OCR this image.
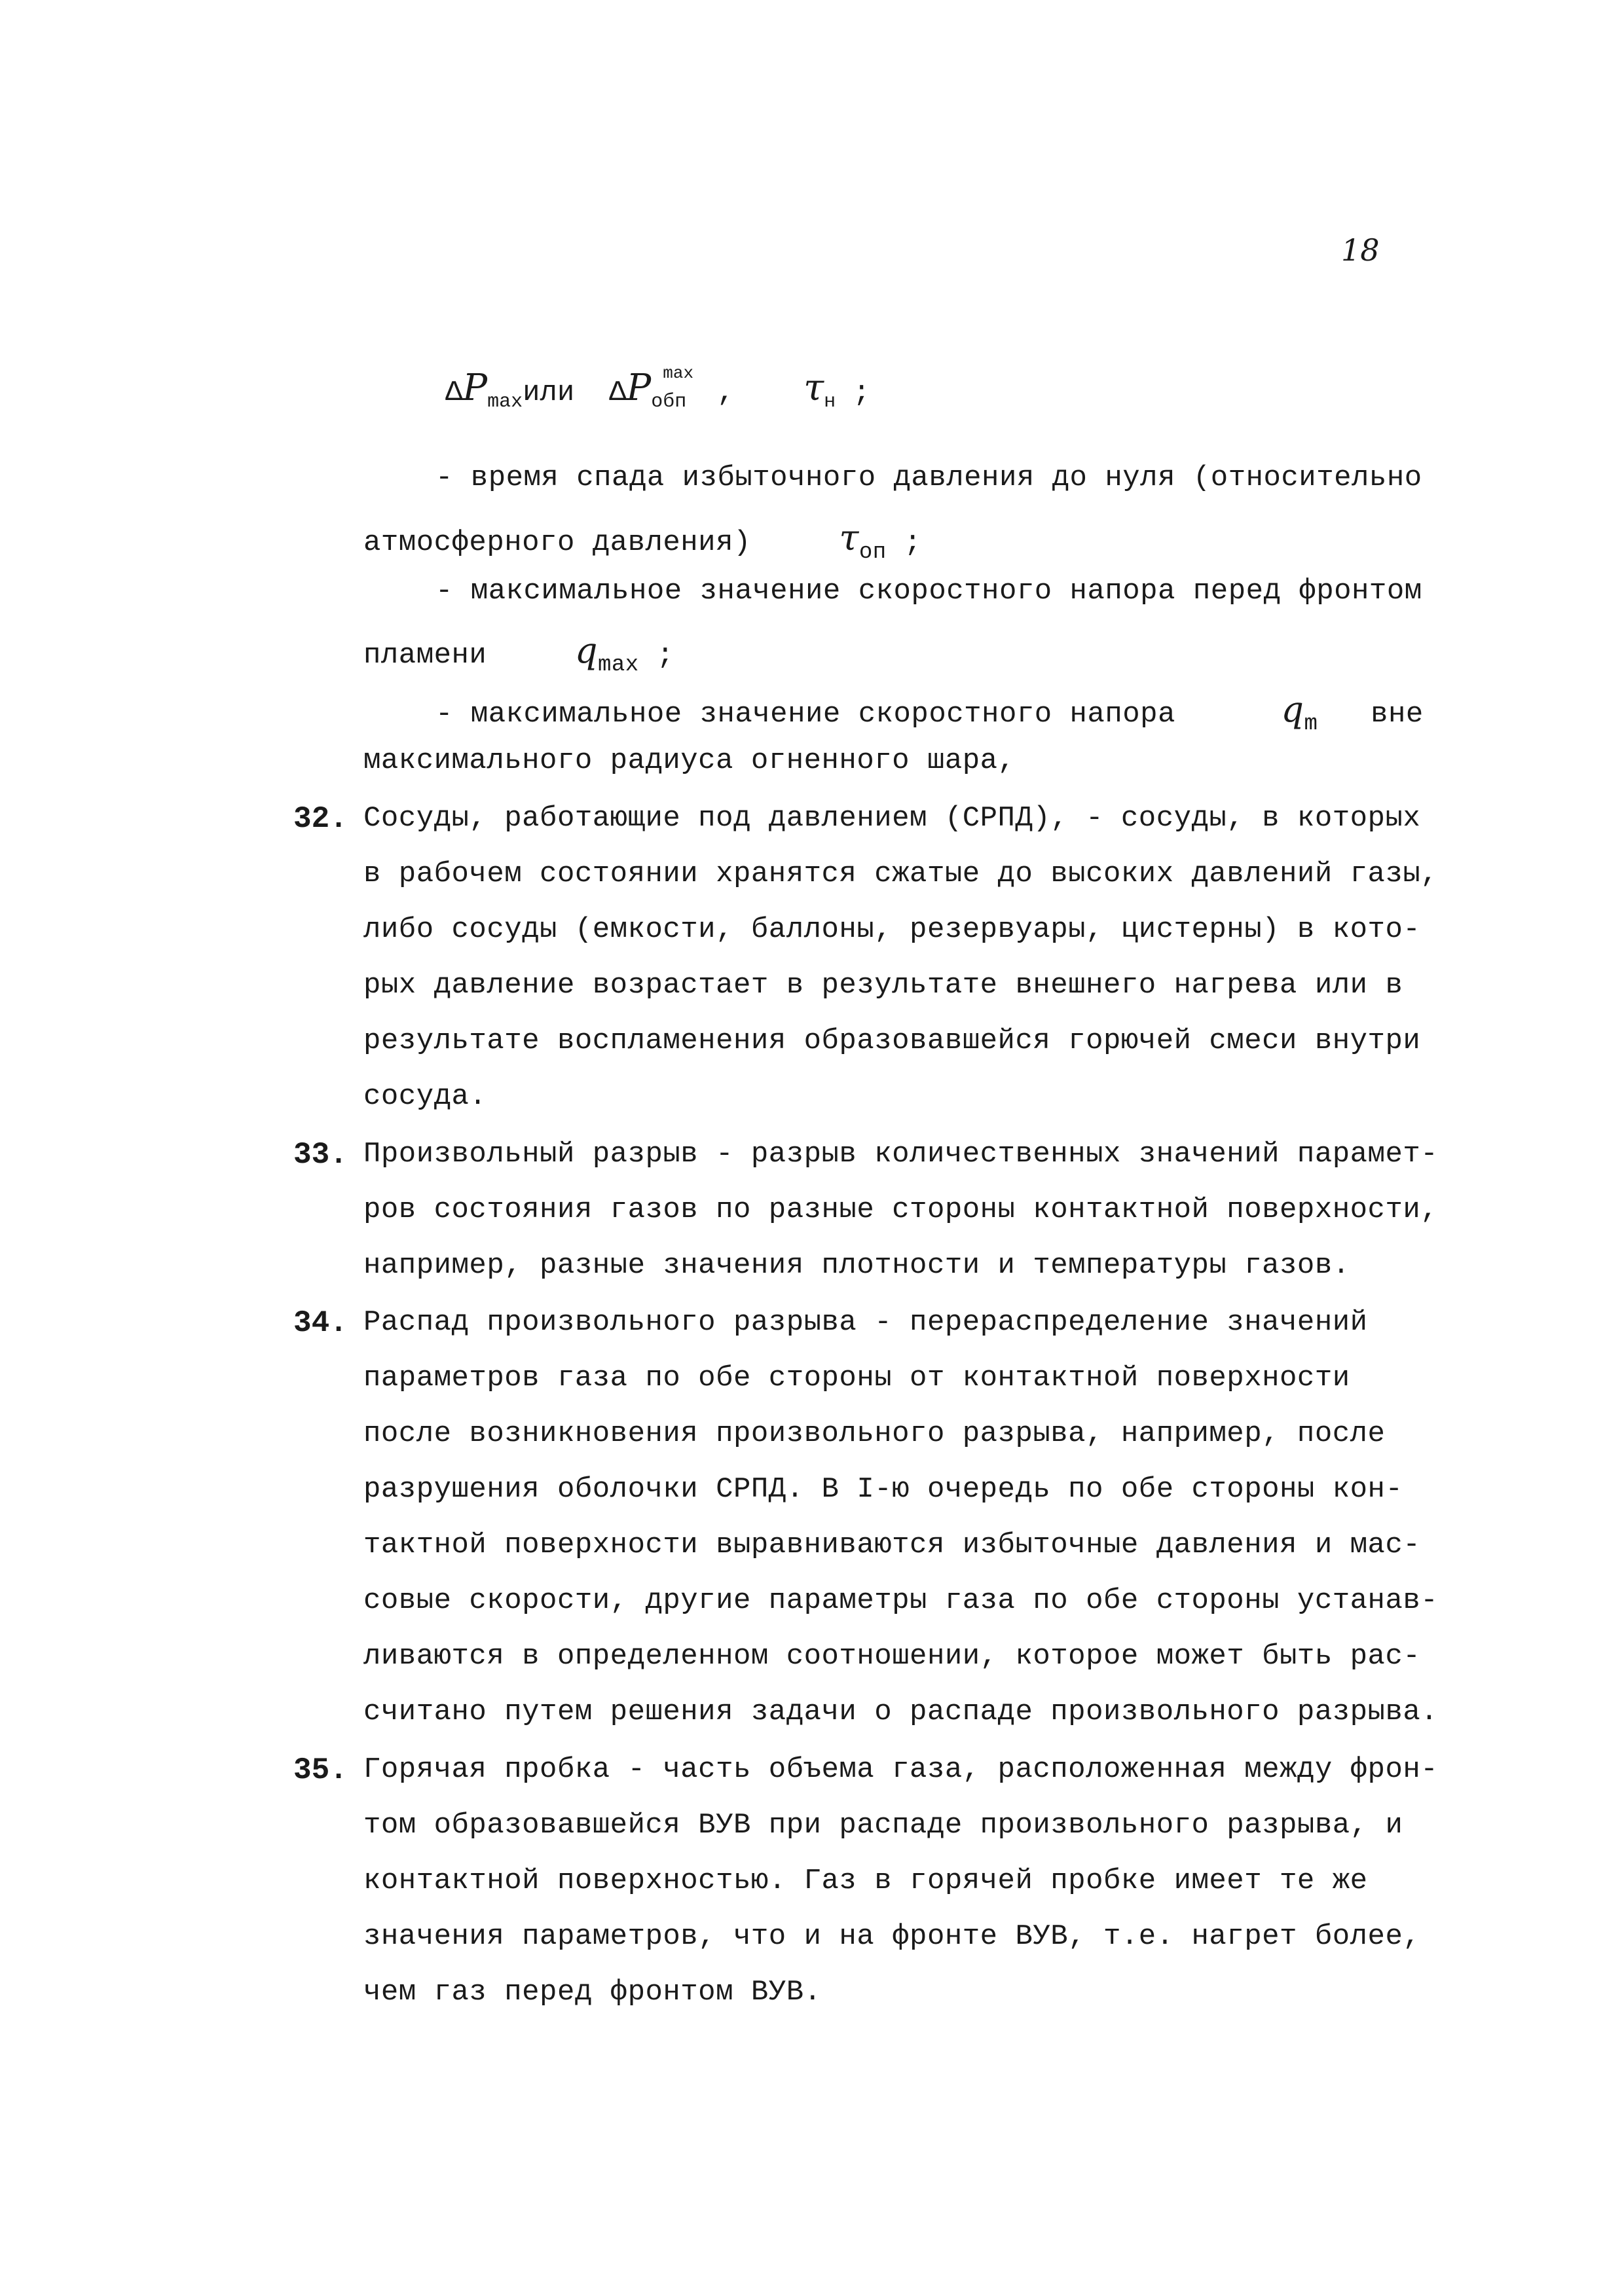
18
$\Delta P_{max}или$ $\Delta P_{обп}^{max}$, $\tau_н$ ;
- время спада избыточного давления до нуля (относительно
атмосферного давления) $\tau_{оп}$ ;
- максимальное значение скоростного напора перед фронтом
пламени $q_{max}$ ;
- максимальное значение скоростного напора	$q_m$ вне
максимального радиуса огненного шара,
32. Сосуды, работающие под давлением (СРПД), - сосуды, в которых
в рабочем состоянии хранятся сжатые до высоких давлений газы,
либо сосуды (емкости, баллоны, резервуары, цистерны) в кото-
рых давление возрастает в результате внешнего нагрева или в
результате воспламенения образовавшейся горючей смеси внутри
сосуда.
33. Произвольный разрыв - разрыв количественных значений парамет-
ров состояния газов по разные стороны контактной поверхности,
например, разные значения плотности и температуры газов.
34. Распад произвольного разрыва - перераспределение значений
параметров газа по обе стороны от контактной поверхности
после возникновения произвольного разрыва, например, после
разрушения оболочки СРПД. В I-ю очередь по обе стороны кон-
тактной поверхности выравниваются избыточные давления и мас-
совые скорости, другие параметры газа по обе стороны устанав-
ливаются в определенном соотношении, которое может быть рас-
считано путем решения задачи о распаде произвольного разрыва.
35. Горячая пробка - часть объема газа, расположенная между фрон-
том образовавшейся ВУВ при распаде произвольного разрыва, и
контактной поверхностью. Газ в горячей пробке имеет те же
значения параметров, что и на фронте ВУВ, т.е. нагрет более,
чем газ перед фронтом ВУВ.
